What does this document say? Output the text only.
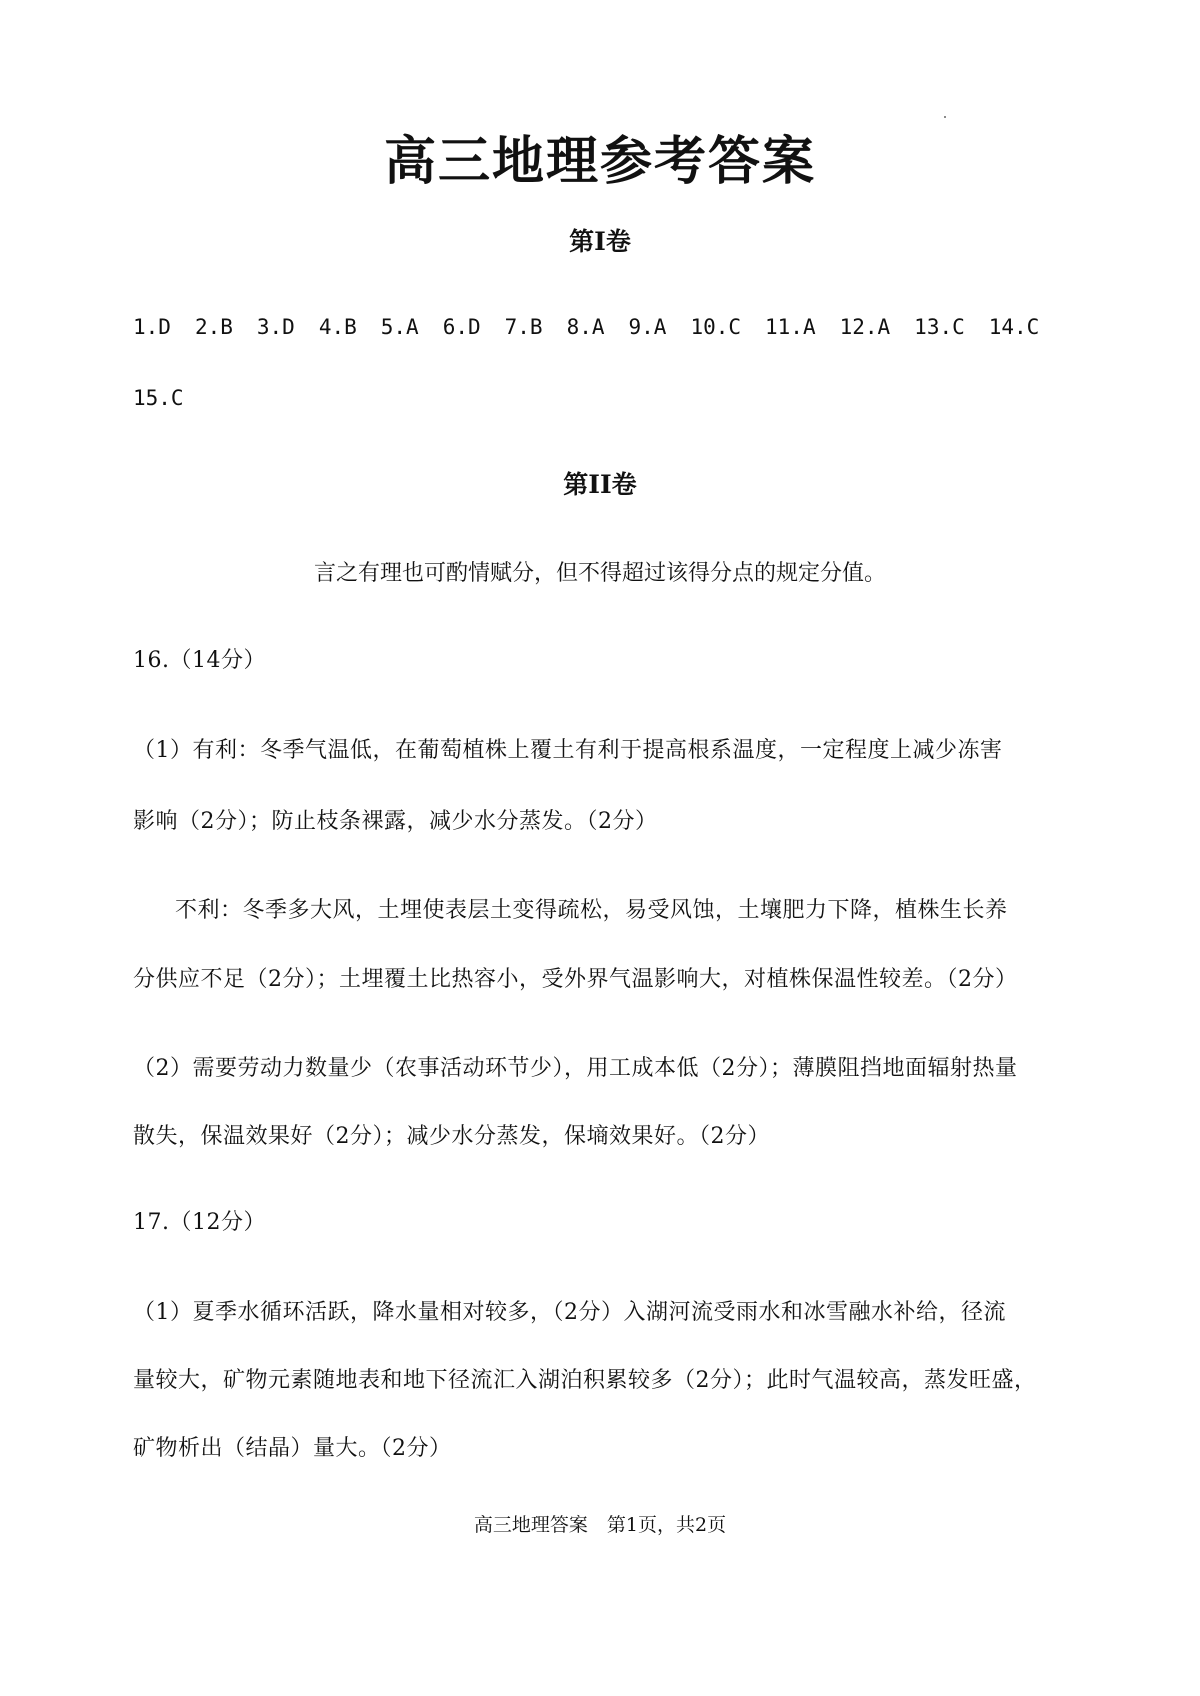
高三地理参考答案
第Ⅰ卷
1.D 2.B 3.D 4.B 5.A 6.D 7.B 8.A 9.A 10.C 11.A 12.A 13.C 14.C
15.C
第II卷
言之有理也可酌情赋分，但不得超过该得分点的规定分值。
16.（14分）
（1）有利：冬季气温低，在葡萄植株上覆土有利于提高根系温度，一定程度上减少冻害
影响（2分）；防止枝条裸露，减少水分蒸发。（2分）
不利：冬季多大风，土埋使表层土变得疏松，易受风蚀，土壤肥力下降，植株生长养
分供应不足（2分）；土埋覆土比热容小，受外界气温影响大，对植株保温性较差。（2分）
（2）需要劳动力数量少（农事活动环节少），用工成本低（2分）；薄膜阻挡地面辐射热量
散失，保温效果好（2分）；减少水分蒸发，保墒效果好。（2分）
17.（12分）
（1）夏季水循环活跃，降水量相对较多，（2分）入湖河流受雨水和冰雪融水补给，径流
量较大，矿物元素随地表和地下径流汇入湖泊积累较多（2分）；此时气温较高，蒸发旺盛，
矿物析出（结晶）量大。（2分）
高三地理答案　第1页，共2页
